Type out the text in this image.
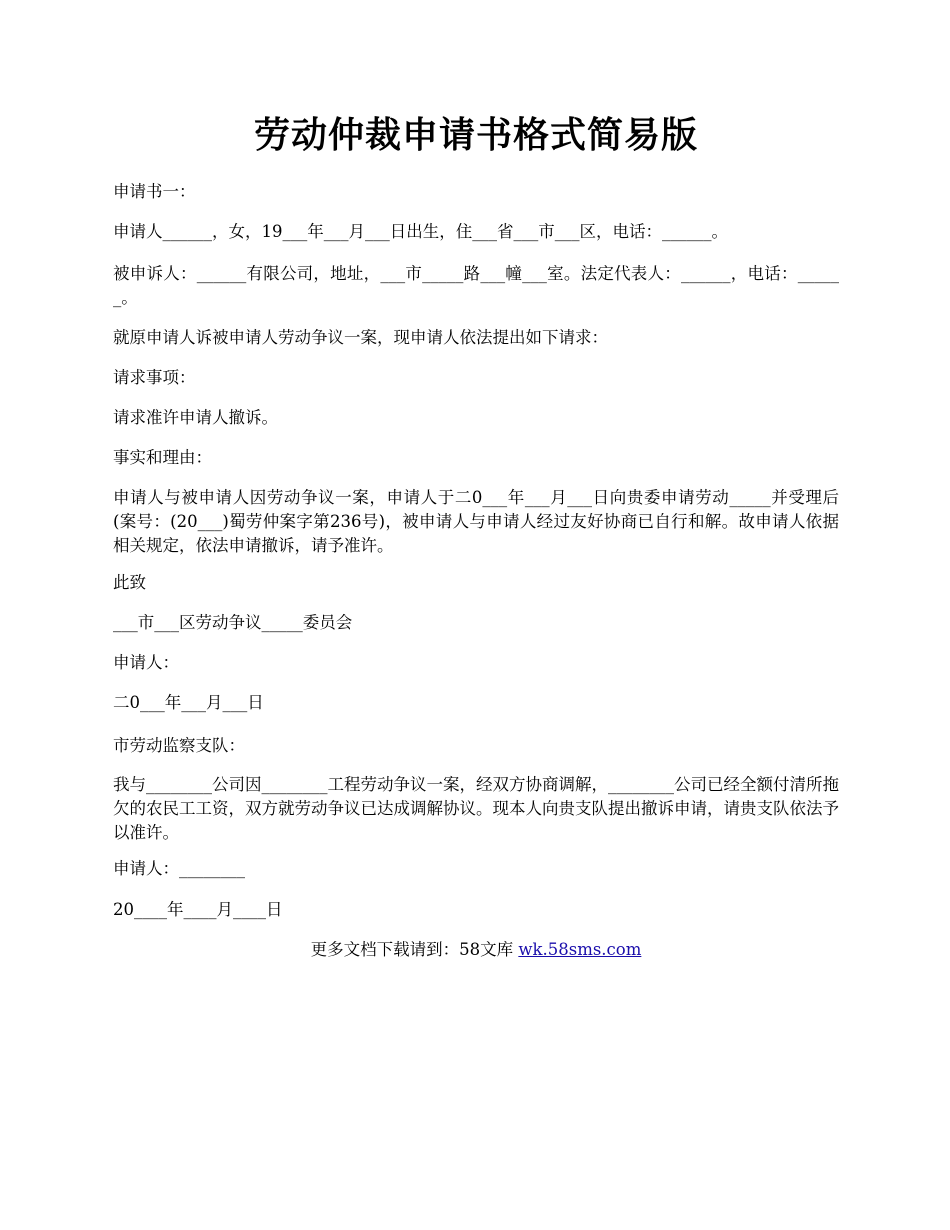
劳动仲裁申请书格式简易版
申请书一：
申请人______，女，19___年___月___日出生，住___省___市___区，电话：______。
被申诉人：______有限公司，地址，___市_____路___幢___室。法定代表人：______，电话：______。
就原申请人诉被申请人劳动争议一案，现申请人依法提出如下请求：
请求事项：
请求准许申请人撤诉。
事实和理由：
申请人与被申请人因劳动争议一案，申请人于二0___年___月___日向贵委申请劳动_____并受理后(案号：(20___)蜀劳仲案字第236号)，被申请人与申请人经过友好协商已自行和解。故申请人依据相关规定，依法申请撤诉，请予准许。
此致
___市___区劳动争议_____委员会
申请人：
二0___年___月___日
市劳动监察支队：
我与________公司因________工程劳动争议一案，经双方协商调解，________公司已经全额付清所拖欠的农民工工资，双方就劳动争议已达成调解协议。现本人向贵支队提出撤诉申请，请贵支队依法予以准许。
申请人：________
20____年____月____日
更多文档下载请到：58文库 wk.58sms.com
